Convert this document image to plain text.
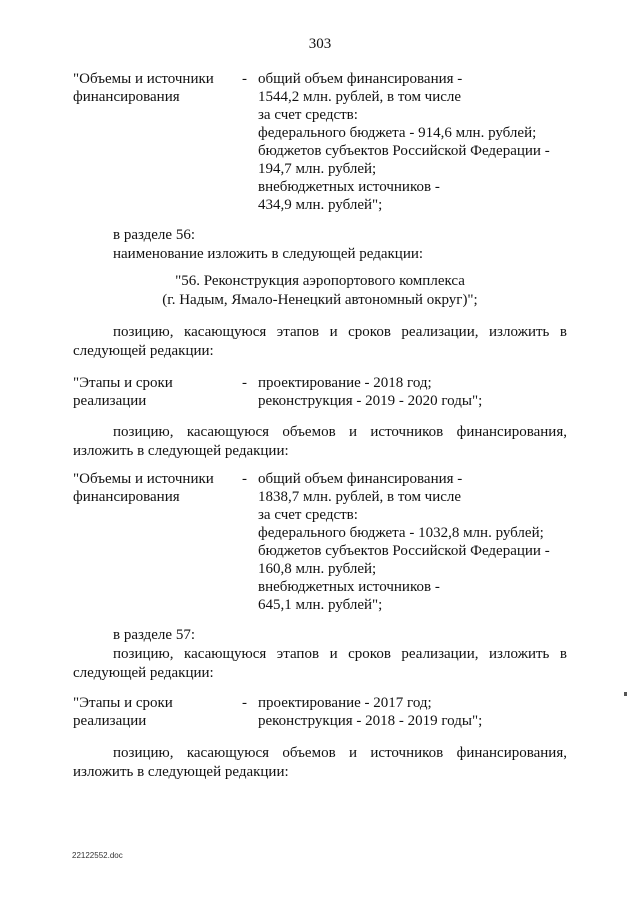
303
"Объемы и источники
финансирования
- общий объем финансирования -
1544,2 млн. рублей, в том числе
за счет средств:
федерального бюджета - 914,6 млн. рублей;
бюджетов субъектов Российской Федерации -
194,7 млн. рублей;
внебюджетных источников -
434,9 млн. рублей";
в разделе 56:
наименование изложить в следующей редакции:
"56. Реконструкция аэропортового комплекса
(г. Надым, Ямало-Ненецкий автономный округ)";
позицию, касающуюся этапов и сроков реализации, изложить в
следующей редакции:
"Этапы и сроки
реализации
- проектирование - 2018 год;
реконструкция - 2019 - 2020 годы";
позицию, касающуюся объемов и источников финансирования,
изложить в следующей редакции:
"Объемы и источники
финансирования
- общий объем финансирования -
1838,7 млн. рублей, в том числе
за счет средств:
федерального бюджета - 1032,8 млн. рублей;
бюджетов субъектов Российской Федерации -
160,8 млн. рублей;
внебюджетных источников -
645,1 млн. рублей";
в разделе 57:
позицию, касающуюся этапов и сроков реализации, изложить в
следующей редакции:
"Этапы и сроки
реализации
- проектирование - 2017 год;
реконструкция - 2018 - 2019 годы";
позицию, касающуюся объемов и источников финансирования,
изложить в следующей редакции:
22122552.doc
